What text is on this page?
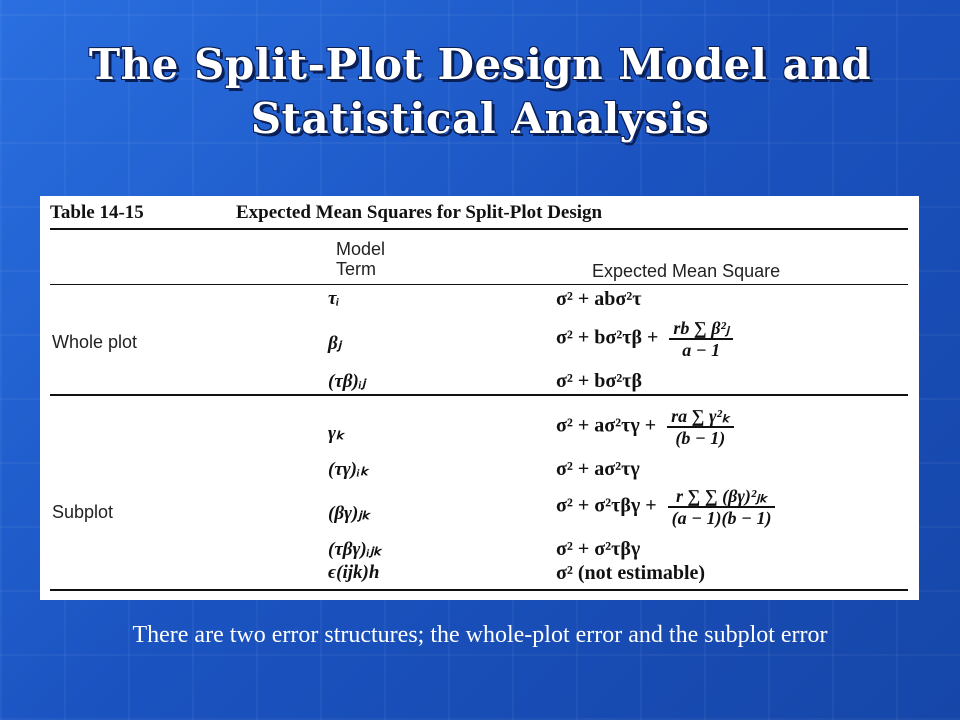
The Split-Plot Design Model and
Statistical Analysis
Table 14-15	Expected Mean Squares for Split-Plot Design
Model
Term	Expected Mean Square
Whole plot
τᵢ	σ² + abσ²τ
βⱼ	$\sigma^2 + b\sigma^2\tau\beta + \frac{\text{rb ∑ β²ⱼ}}{a - 1}$
(τβ)ᵢⱼ	σ² + bσ²τβ
Subplot
γₖ	$\sigma^2 + a\sigma^2\tau\gamma + \frac{\text{ra ∑ γ²ₖ}}{(b - 1)}$
(τγ)ᵢₖ	σ² + aσ²τγ
(βγ)ⱼₖ	$\sigma^2 + \sigma^2\tau\beta\gamma + \frac{\text{r ∑ ∑ (βγ)²ⱼₖ}}{(a - 1)(b - 1)}$
(τβγ)ᵢⱼₖ	σ² + σ²τβγ
ϵ(ijk)h	σ² (not estimable)
There are two error structures; the whole-plot error and the subplot error
